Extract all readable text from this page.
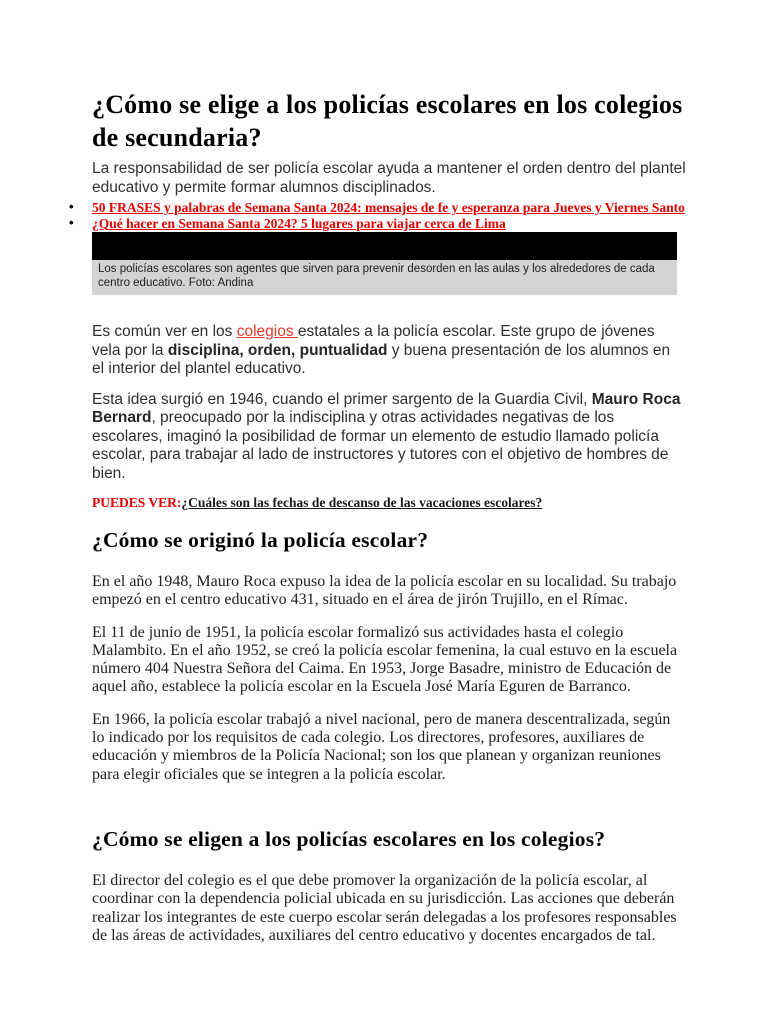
¿Cómo se elige a los policías escolares en los colegios de secundaria?

La responsabilidad de ser policía escolar ayuda a mantener el orden dentro del plantel educativo y permite formar alumnos disciplinados.

• 50 FRASES y palabras de Semana Santa 2024: mensajes de fe y esperanza para Jueves y Viernes Santo
• ¿Qué hacer en Semana Santa 2024? 5 lugares para viajar cerca de Lima
Los policías escolares son agentes que sirven para prevenir desorden en las aulas y los alrededores de cada centro educativo. Foto: Andina

Es común ver en los colegios estatales a la policía escolar. Este grupo de jóvenes vela por la disciplina, orden, puntualidad y buena presentación de los alumnos en el interior del plantel educativo.

Esta idea surgió en 1946, cuando el primer sargento de la Guardia Civil, Mauro Roca Bernard, preocupado por la indisciplina y otras actividades negativas de los escolares, imaginó la posibilidad de formar un elemento de estudio llamado policía escolar, para trabajar al lado de instructores y tutores con el objetivo de hombres de bien.

PUEDES VER:¿Cuáles son las fechas de descanso de las vacaciones escolares?

¿Cómo se originó la policía escolar?

En el año 1948, Mauro Roca expuso la idea de la policía escolar en su localidad. Su trabajo empezó en el centro educativo 431, situado en el área de jirón Trujillo, en el Rímac.

El 11 de junio de 1951, la policía escolar formalizó sus actividades hasta el colegio Malambito. En el año 1952, se creó la policía escolar femenina, la cual estuvo en la escuela número 404 Nuestra Señora del Caima. En 1953, Jorge Basadre, ministro de Educación de aquel año, establece la policía escolar en la Escuela José María Eguren de Barranco.

En 1966, la policía escolar trabajó a nivel nacional, pero de manera descentralizada, según lo indicado por los requisitos de cada colegio. Los directores, profesores, auxiliares de educación y miembros de la Policía Nacional; son los que planean y organizan reuniones para elegir oficiales que se integren a la policía escolar.

¿Cómo se eligen a los policías escolares en los colegios?

El director del colegio es el que debe promover la organización de la policía escolar, al coordinar con la dependencia policial ubicada en su jurisdicción. Las acciones que deberán realizar los integrantes de este cuerpo escolar serán delegadas a los profesores responsables de las áreas de actividades, auxiliares del centro educativo y docentes encargados de tal.
